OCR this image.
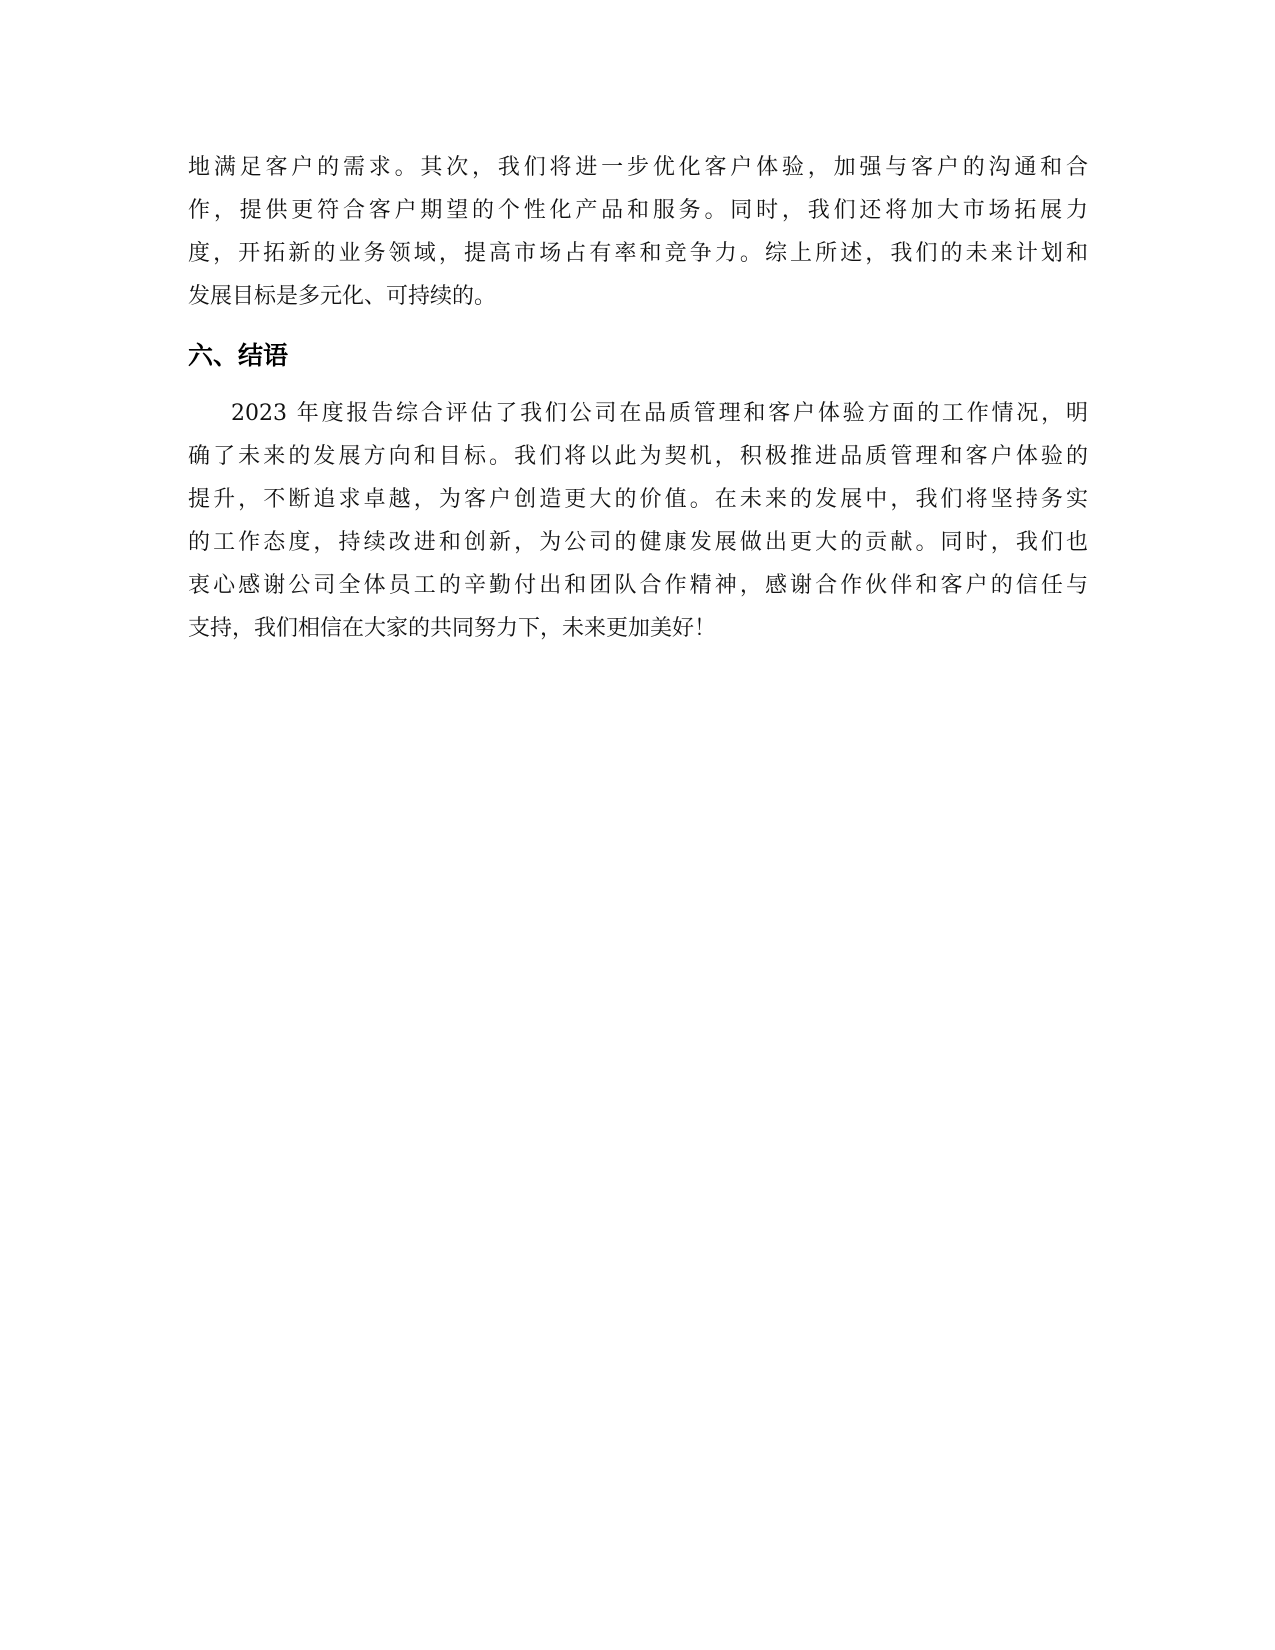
地满足客户的需求。其次，我们将进一步优化客户体验，加强与客户的沟通和合
作，提供更符合客户期望的个性化产品和服务。同时，我们还将加大市场拓展力
度，开拓新的业务领域，提高市场占有率和竞争力。综上所述，我们的未来计划和
发展目标是多元化、可持续的。
六、结语
2023 年度报告综合评估了我们公司在品质管理和客户体验方面的工作情况，明
确了未来的发展方向和目标。我们将以此为契机，积极推进品质管理和客户体验的
提升，不断追求卓越，为客户创造更大的价值。在未来的发展中，我们将坚持务实
的工作态度，持续改进和创新，为公司的健康发展做出更大的贡献。同时，我们也
衷心感谢公司全体员工的辛勤付出和团队合作精神，感谢合作伙伴和客户的信任与
支持，我们相信在大家的共同努力下，未来更加美好！
